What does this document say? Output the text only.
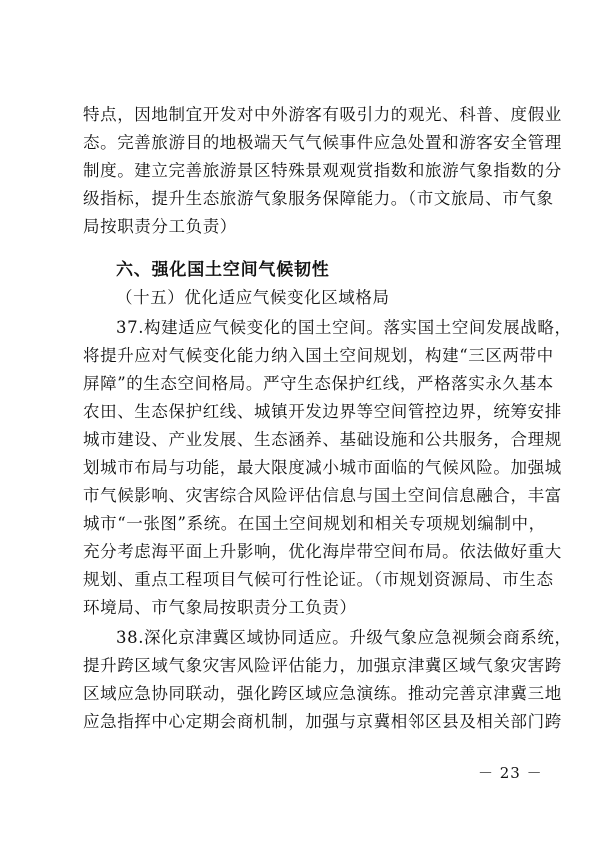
特点，因地制宜开发对中外游客有吸引力的观光、科普、度假业
态。完善旅游目的地极端天气气候事件应急处置和游客安全管理
制度。建立完善旅游景区特殊景观观赏指数和旅游气象指数的分
级指标，提升生态旅游气象服务保障能力。（市文旅局、市气象
局按职责分工负责）
六、强化国土空间气候韧性
（十五）优化适应气候变化区域格局
37.构建适应气候变化的国土空间。落实国土空间发展战略，
将提升应对气候变化能力纳入国土空间规划，构建“三区两带中
屏障”的生态空间格局。严守生态保护红线，严格落实永久基本
农田、生态保护红线、城镇开发边界等空间管控边界，统筹安排
城市建设、产业发展、生态涵养、基础设施和公共服务，合理规
划城市布局与功能，最大限度减小城市面临的气候风险。加强城
市气候影响、灾害综合风险评估信息与国土空间信息融合，丰富
城市“一张图”系统。在国土空间规划和相关专项规划编制中，
充分考虑海平面上升影响，优化海岸带空间布局。依法做好重大
规划、重点工程项目气候可行性论证。（市规划资源局、市生态
环境局、市气象局按职责分工负责）
38.深化京津冀区域协同适应。升级气象应急视频会商系统，
提升跨区域气象灾害风险评估能力，加强京津冀区域气象灾害跨
区域应急协同联动，强化跨区域应急演练。推动完善京津冀三地
应急指挥中心定期会商机制，加强与京冀相邻区县及相关部门跨
－ 23 －
